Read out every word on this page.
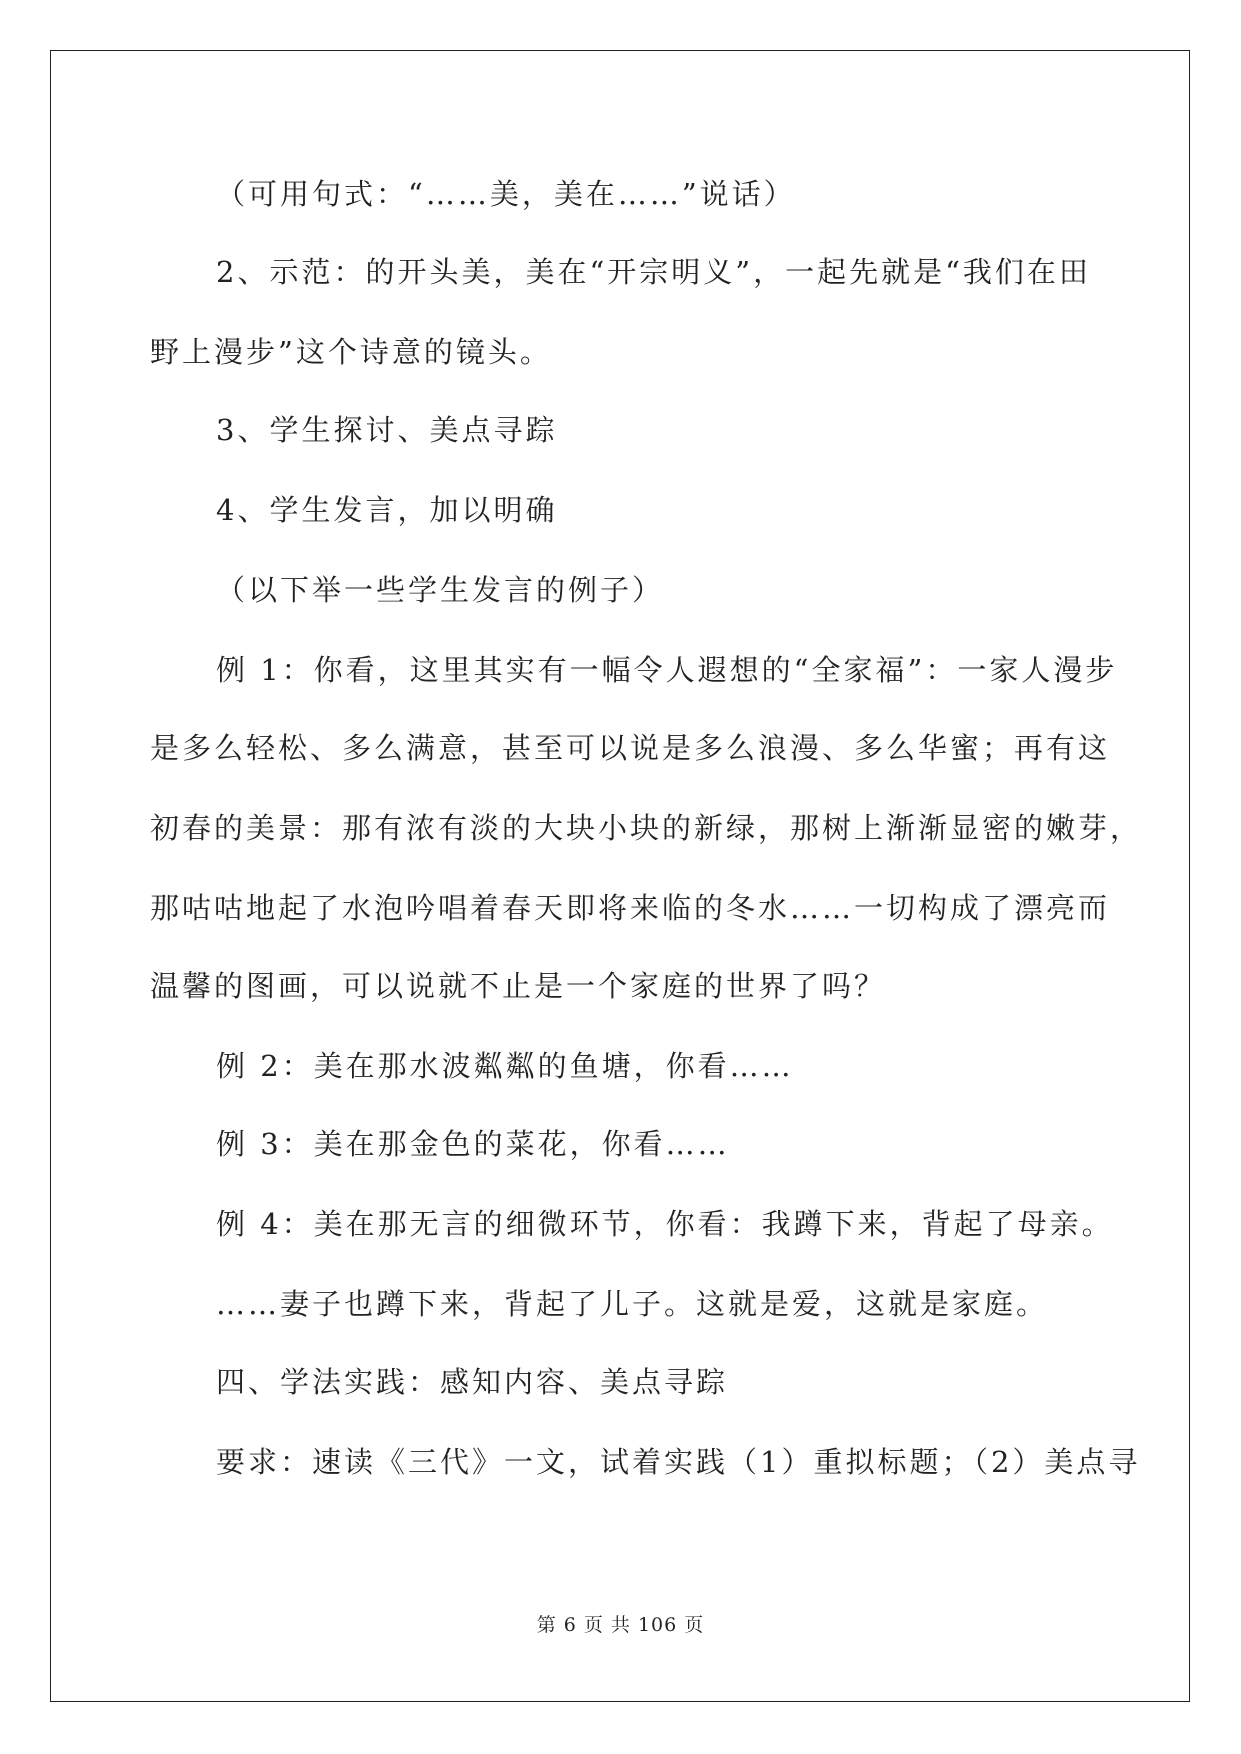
（可用句式：“……美，美在……”说话）
2、示范：的开头美，美在“开宗明义”，一起先就是“我们在田
野上漫步”这个诗意的镜头。
3、学生探讨、美点寻踪
4、学生发言，加以明确
（以下举一些学生发言的例子）
例 1：你看，这里其实有一幅令人遐想的“全家福”：一家人漫步
是多么轻松、多么满意，甚至可以说是多么浪漫、多么华蜜；再有这
初春的美景：那有浓有淡的大块小块的新绿，那树上渐渐显密的嫩芽，
那咕咕地起了水泡吟唱着春天即将来临的冬水……一切构成了漂亮而
温馨的图画，可以说就不止是一个家庭的世界了吗？
例 2：美在那水波粼粼的鱼塘，你看……
例 3：美在那金色的菜花，你看……
例 4：美在那无言的细微环节，你看：我蹲下来，背起了母亲。
……妻子也蹲下来，背起了儿子。这就是爱，这就是家庭。
四、学法实践：感知内容、美点寻踪
要求：速读《三代》一文，试着实践（1）重拟标题；（2）美点寻
第 6 页 共 106 页
